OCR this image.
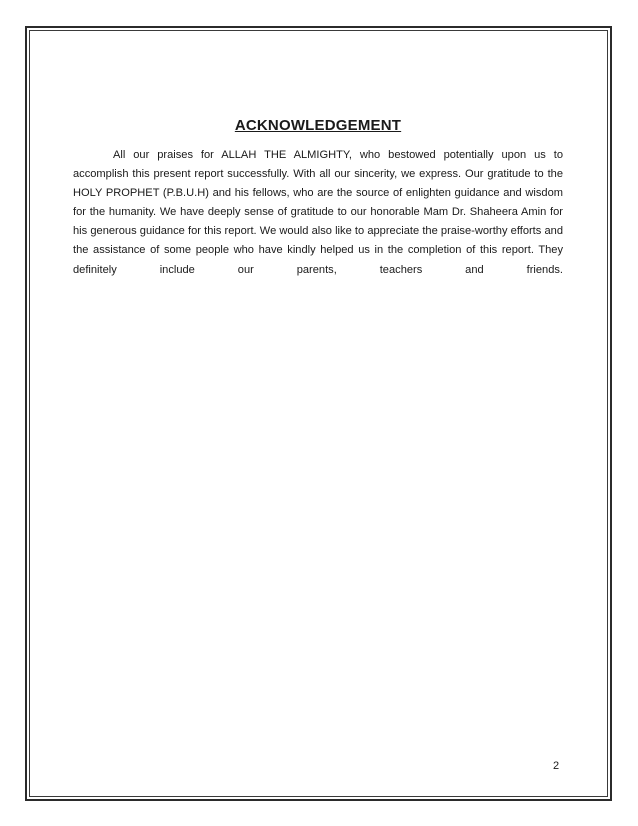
ACKNOWLEDGEMENT

All our praises for ALLAH THE ALMIGHTY, who bestowed potentially upon us to accomplish this present report successfully. With all our sincerity, we express. Our gratitude to the HOLY PROPHET (P.B.U.H) and his fellows, who are the source of enlighten guidance and wisdom for the humanity. We have deeply sense of gratitude to our honorable Mam Dr. Shaheera Amin for his generous guidance for this report. We would also like to appreciate the praise-worthy efforts and the assistance of some people who have kindly helped us in the completion of this report. They definitely include our parents, teachers and friends.

2
